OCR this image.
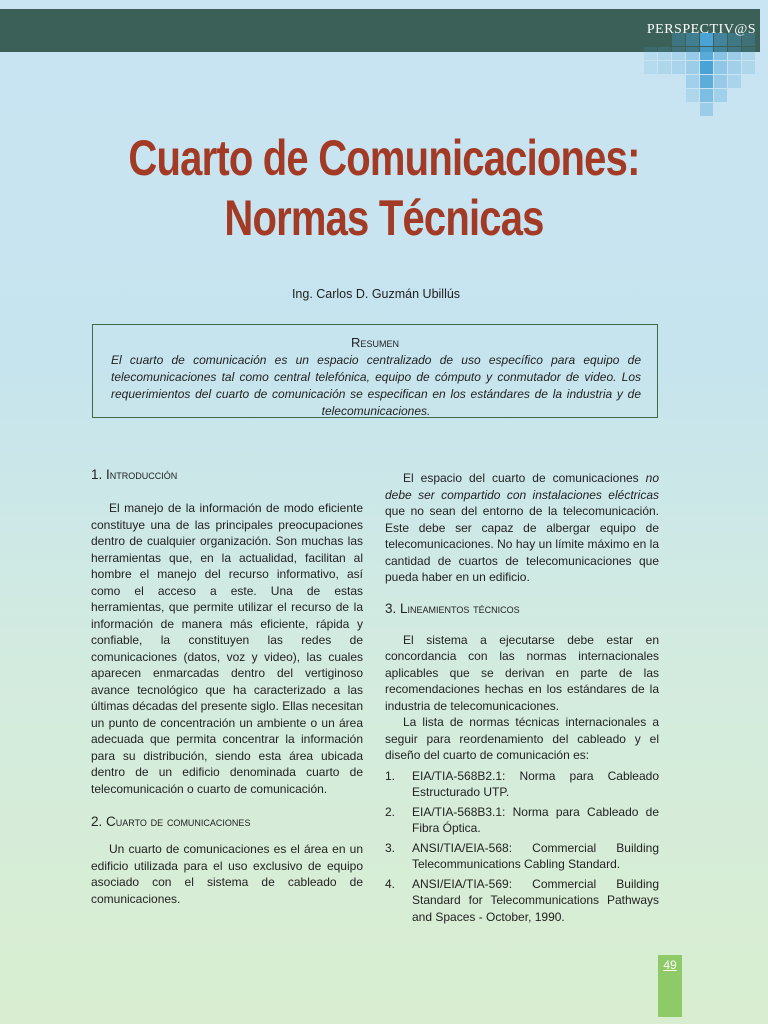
PERSPECTIV@S
Cuarto de Comunicaciones:
Normas Técnicas
Ing. Carlos D. Guzmán Ubillús
Resumen
El cuarto de comunicación es un espacio centralizado de uso específico para equipo de telecomunicaciones tal como central telefónica, equipo de cómputo y conmutador de video. Los requerimientos del cuarto de comunicación se especifican en los estándares de la industria y de telecomunicaciones.
1. Introducción

El manejo de la información de modo eficiente constituye una de las principales preocupaciones dentro de cualquier organización. Son muchas las herramientas que, en la actualidad, facilitan al hombre el manejo del recurso informativo, así como el acceso a este. Una de estas herramientas, que permite utilizar el recurso de la información de manera más eficiente, rápida y confiable, la constituyen las redes de comunicaciones (datos, voz y video), las cuales aparecen enmarcadas dentro del vertiginoso avance tecnológico que ha caracterizado a las últimas décadas del presente siglo. Ellas necesitan un punto de concentración un ambiente o un área adecuada que permita concentrar la información para su distribución, siendo esta área ubicada dentro de un edificio denominada cuarto de telecomunicación o cuarto de comunicación.

2. Cuarto de comunicaciones

Un cuarto de comunicaciones es el área en un edificio utilizada para el uso exclusivo de equipo asociado con el sistema de cableado de comunicaciones.

El espacio del cuarto de comunicaciones no debe ser compartido con instalaciones eléctricas que no sean del entorno de la telecomunicación. Este debe ser capaz de albergar equipo de telecomunicaciones. No hay un límite máximo en la cantidad de cuartos de telecomunicaciones que pueda haber en un edificio.

3. Lineamientos técnicos

El sistema a ejecutarse debe estar en concordancia con las normas internacionales aplicables que se derivan en parte de las recomendaciones hechas en los estándares de la industria de telecomunicaciones.

La lista de normas técnicas internacionales a seguir para reordenamiento del cableado y el diseño del cuarto de comunicación es:

1. EIA/TIA-568B2.1: Norma para Cableado Estructurado UTP.
2. EIA/TIA-568B3.1: Norma para Cableado de Fibra Óptica.
3. ANSI/TIA/EIA-568: Commercial Building Telecommunications Cabling Standard.
4. ANSI/EIA/TIA-569: Commercial Building Standard for Telecommunications Pathways and Spaces - October, 1990.
49
